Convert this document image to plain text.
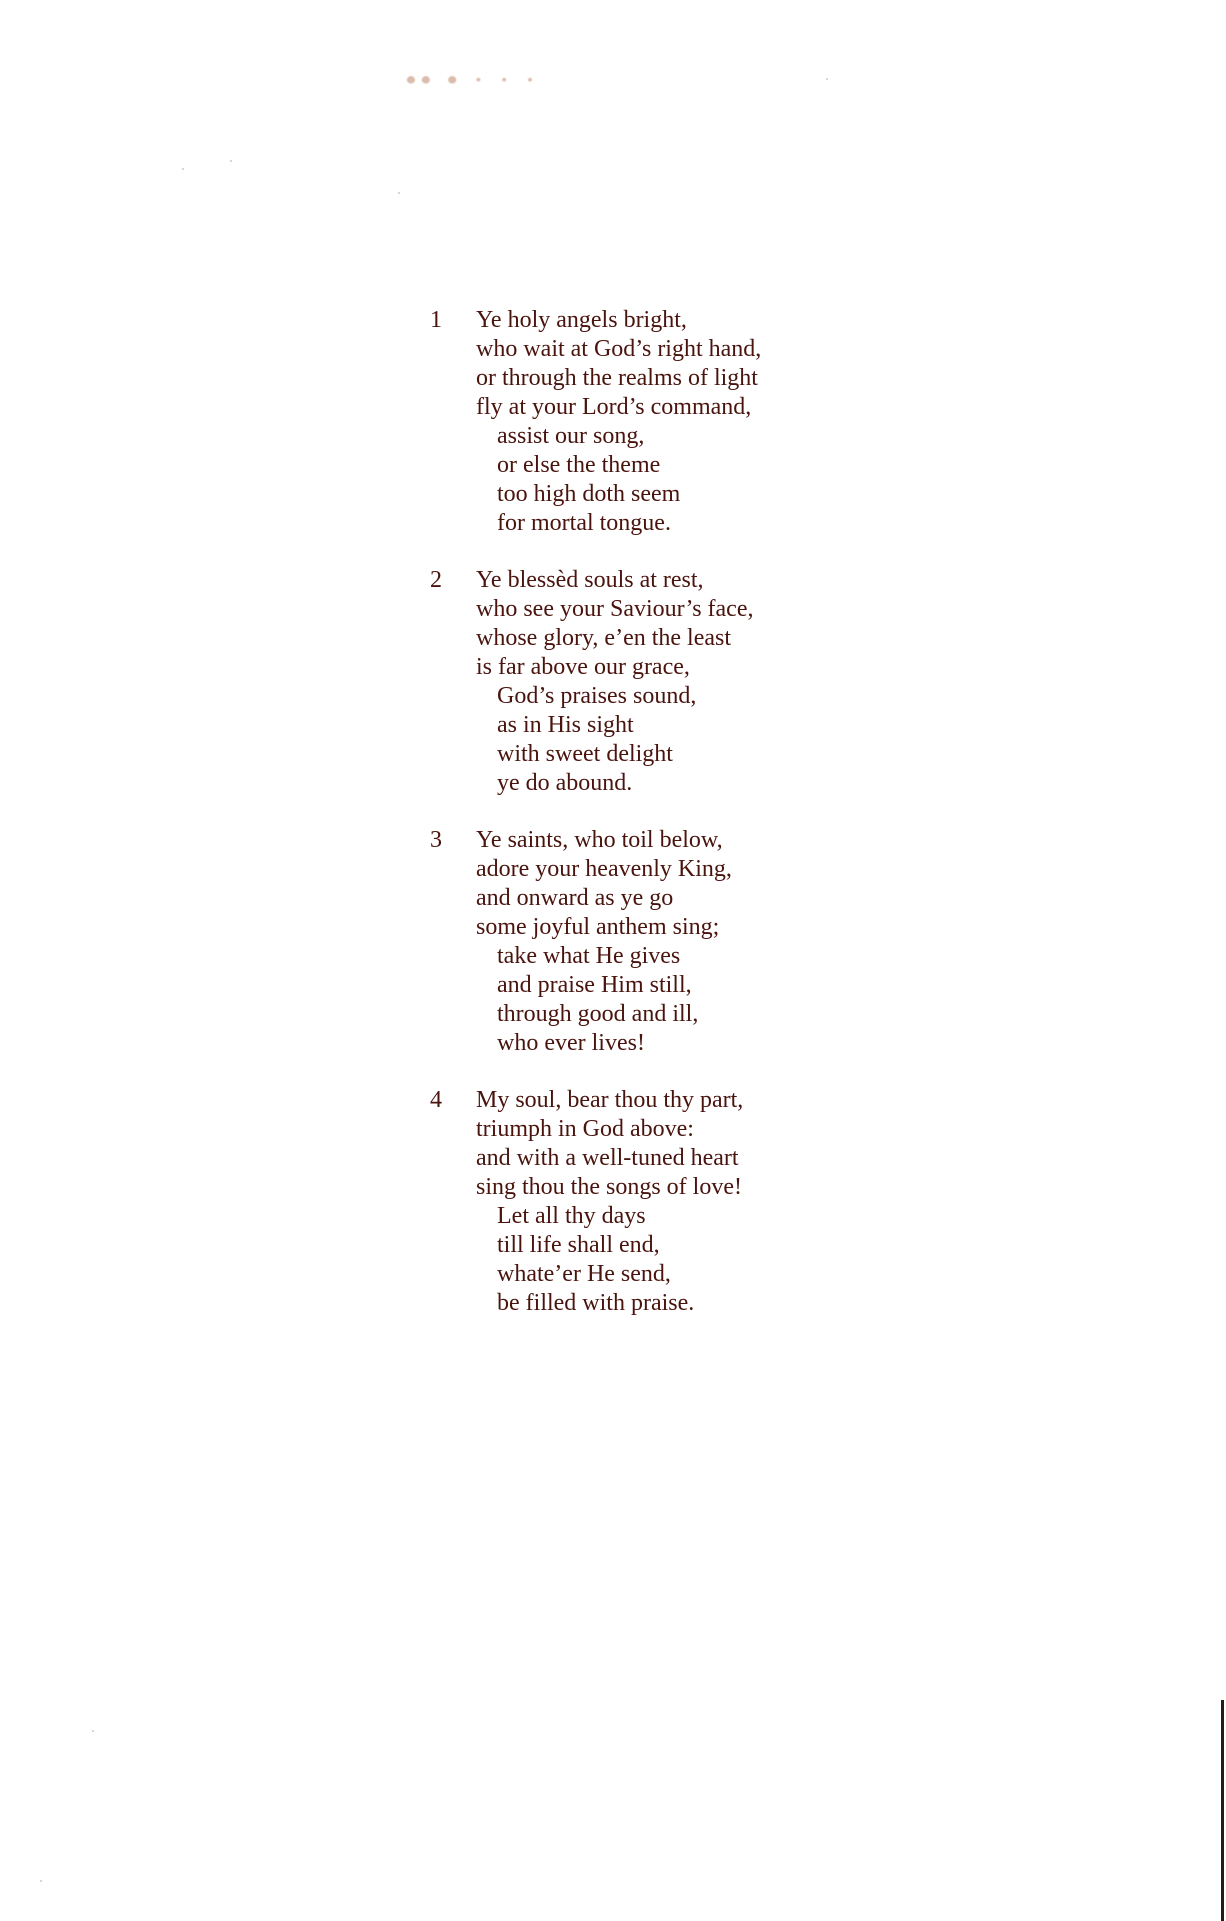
•• • · · ·
1 Ye holy angels bright,
who wait at God’s right hand,
or through the realms of light
fly at your Lord’s command,
assist our song,
or else the theme
too high doth seem
for mortal tongue.
2 Ye blessèd souls at rest,
who see your Saviour’s face,
whose glory, e’en the least
is far above our grace,
God’s praises sound,
as in His sight
with sweet delight
ye do abound.
3 Ye saints, who toil below,
adore your heavenly King,
and onward as ye go
some joyful anthem sing;
take what He gives
and praise Him still,
through good and ill,
who ever lives!
4 My soul, bear thou thy part,
triumph in God above:
and with a well-tuned heart
sing thou the songs of love!
Let all thy days
till life shall end,
whate’er He send,
be filled with praise.
